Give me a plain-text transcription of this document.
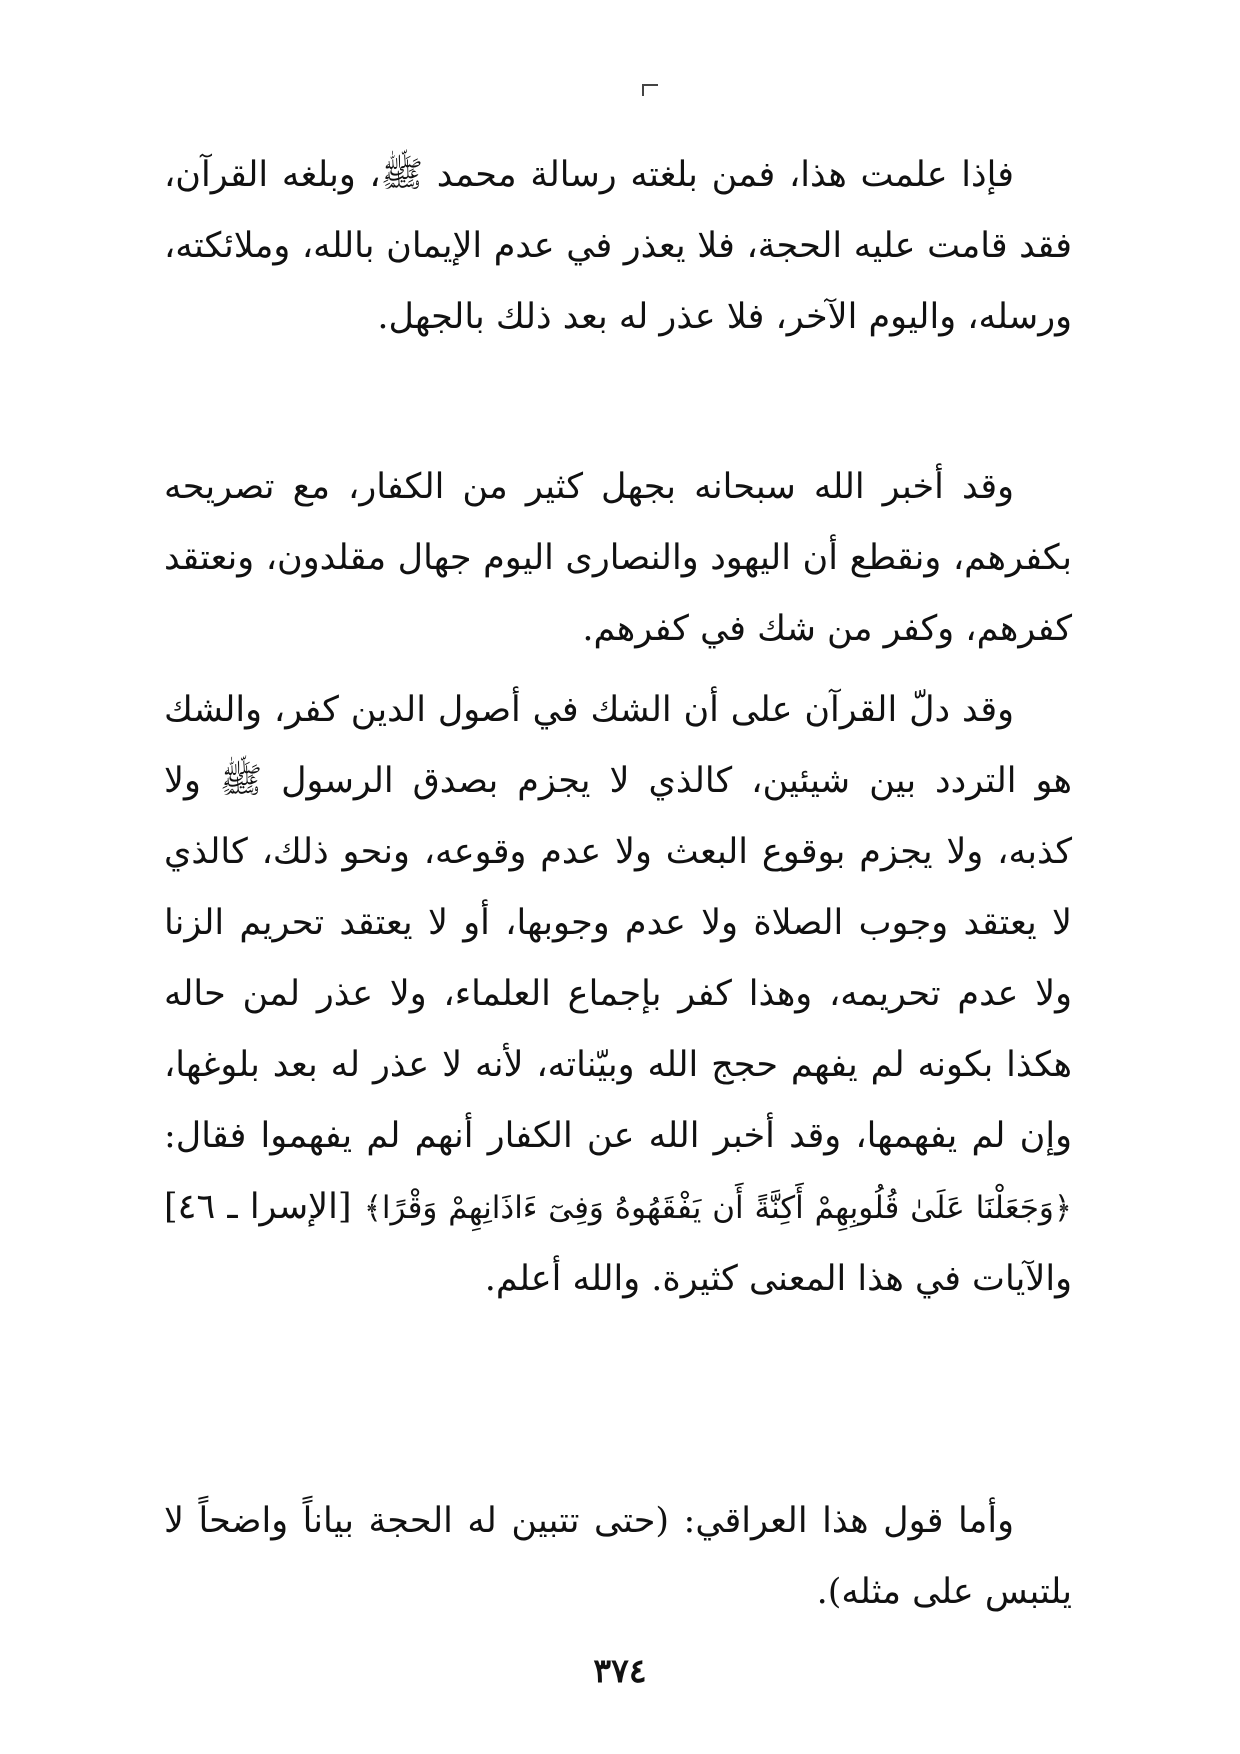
فإذا علمت هذا، فمن بلغته رسالة محمد ﷺ، وبلغه القرآن، فقد قامت عليه الحجة، فلا يعذر في عدم الإيمان بالله، وملائكته، ورسله، واليوم الآخر، فلا عذر له بعد ذلك بالجهل.

وقد أخبر الله سبحانه بجهل كثير من الكفار، مع تصريحه بكفرهم، ونقطع أن اليهود والنصارى اليوم جهال مقلدون، ونعتقد كفرهم، وكفر من شك في كفرهم.

وقد دلّ القرآن على أن الشك في أصول الدين كفر، والشك هو التردد بين شيئين، كالذي لا يجزم بصدق الرسول ﷺ ولا كذبه، ولا يجزم بوقوع البعث ولا عدم وقوعه، ونحو ذلك، كالذي لا يعتقد وجوب الصلاة ولا عدم وجوبها، أو لا يعتقد تحريم الزنا ولا عدم تحريمه، وهذا كفر بإجماع العلماء، ولا عذر لمن حاله هكذا بكونه لم يفهم حجج الله وبيّناته، لأنه لا عذر له بعد بلوغها، وإن لم يفهمها، وقد أخبر الله عن الكفار أنهم لم يفهموا فقال: ﴿وَجَعَلْنَا عَلَىٰ قُلُوبِهِمْ أَكِنَّةً أَن يَفْقَهُوهُ وَفِىٓ ءَاذَانِهِمْ وَقْرًا﴾ [الإسرا ـ ٤٦] والآيات في هذا المعنى كثيرة. والله أعلم.

وأما قول هذا العراقي: (حتى تتبين له الحجة بياناً واضحاً لا يلتبس على مثله).

٣٧٤
